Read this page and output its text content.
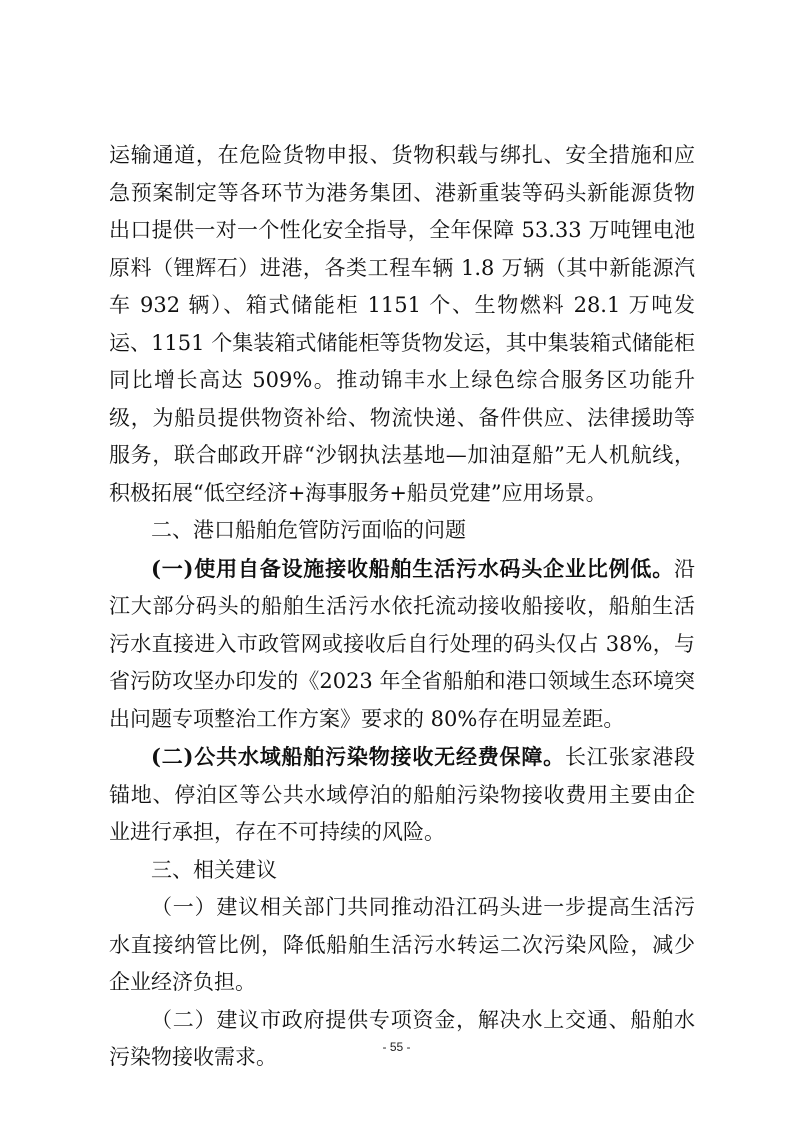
运输通道，在危险货物申报、货物积载与绑扎、安全措施和应急预案制定等各环节为港务集团、港新重装等码头新能源货物出口提供一对一个性化安全指导，全年保障 53.33 万吨锂电池原料（锂辉石）进港，各类工程车辆 1.8 万辆（其中新能源汽车 932 辆）、箱式储能柜 1151 个、生物燃料 28.1 万吨发运、1151 个集装箱式储能柜等货物发运，其中集装箱式储能柜同比增长高达 509%。推动锦丰水上绿色综合服务区功能升级，为船员提供物资补给、物流快递、备件供应、法律援助等服务，联合邮政开辟“沙钢执法基地—加油趸船”无人机航线，积极拓展“低空经济+海事服务+船员党建”应用场景。

二、港口船舶危管防污面临的问题

(一)使用自备设施接收船舶生活污水码头企业比例低。沿江大部分码头的船舶生活污水依托流动接收船接收，船舶生活污水直接进入市政管网或接收后自行处理的码头仅占 38%，与省污防攻坚办印发的《2023 年全省船舶和港口领域生态环境突出问题专项整治工作方案》要求的 80%存在明显差距。

(二)公共水域船舶污染物接收无经费保障。长江张家港段锚地、停泊区等公共水域停泊的船舶污染物接收费用主要由企业进行承担，存在不可持续的风险。

三、相关建议

（一）建议相关部门共同推动沿江码头进一步提高生活污水直接纳管比例，降低船舶生活污水转运二次污染风险，减少企业经济负担。

（二）建议市政府提供专项资金，解决水上交通、船舶水污染物接收需求。	- 55 -
